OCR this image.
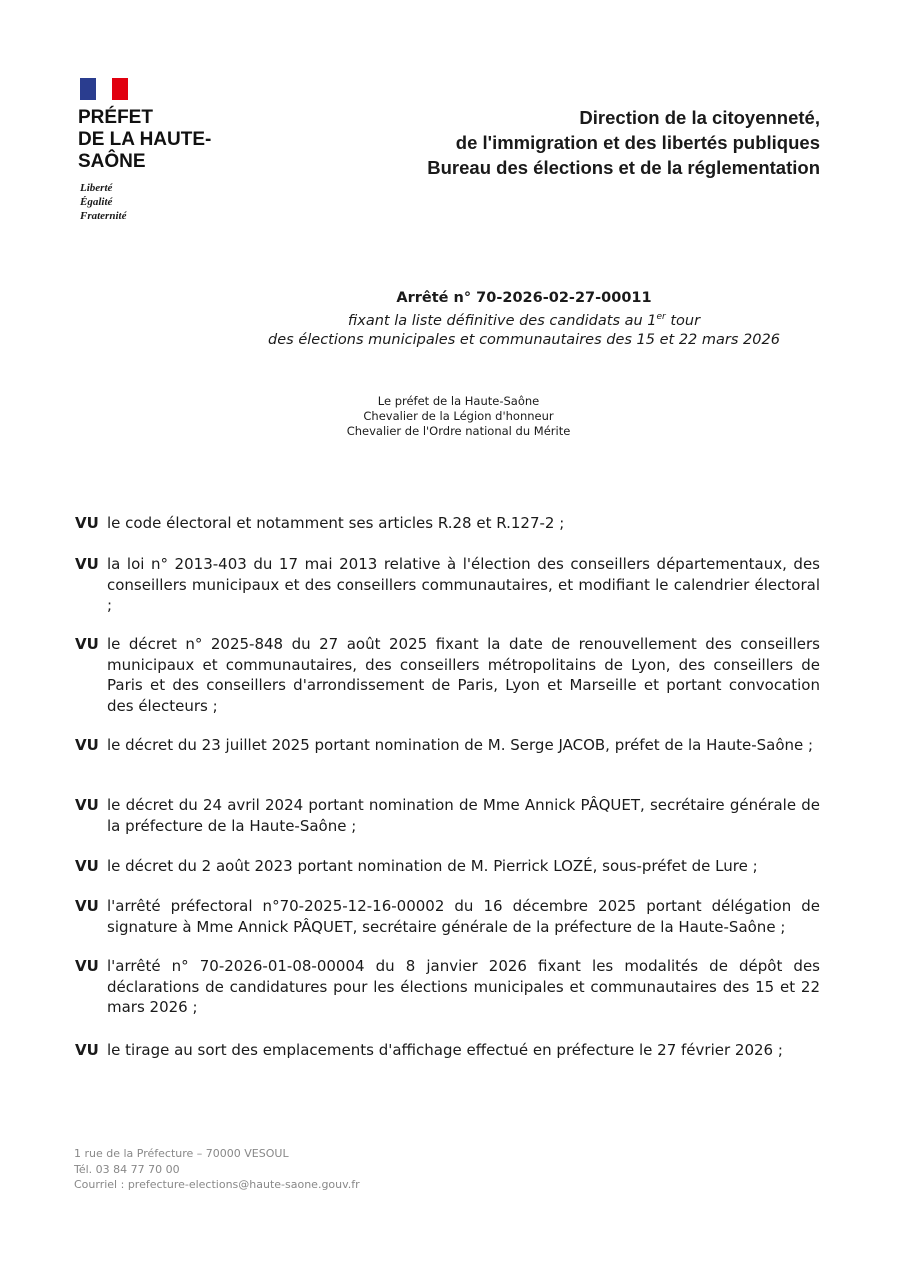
PRÉFET
DE LA HAUTE-
SAÔNE
Liberté
Égalité
Fraternité
Direction de la citoyenneté,
de l'immigration et des libertés publiques
Bureau des élections et de la réglementation
Arrêté n° 70-2026-02-27-00011
fixant la liste définitive des candidats au 1er tour
des élections municipales et communautaires des 15 et 22 mars 2026
Le préfet de la Haute-Saône
Chevalier de la Légion d'honneur
Chevalier de l'Ordre national du Mérite
VU le code électoral et notamment ses articles R.28 et R.127-2 ;
VU la loi n° 2013-403 du 17 mai 2013 relative à l'élection des conseillers départementaux, des conseillers municipaux et des conseillers communautaires, et modifiant le calendrier électoral ;
VU le décret n° 2025-848 du 27 août 2025 fixant la date de renouvellement des conseillers municipaux et communautaires, des conseillers métropolitains de Lyon, des conseillers de Paris et des conseillers d'arrondissement de Paris, Lyon et Marseille et portant convocation des électeurs ;
VU le décret du 23 juillet 2025 portant nomination de M. Serge JACOB, préfet de la Haute-Saône ;
VU le décret du 24 avril 2024 portant nomination de Mme Annick PÂQUET, secrétaire générale de la préfecture de la Haute-Saône ;
VU le décret du 2 août 2023 portant nomination de M. Pierrick LOZÉ, sous-préfet de Lure ;
VU l'arrêté préfectoral n°70-2025-12-16-00002 du 16 décembre 2025 portant délégation de signature à Mme Annick PÂQUET, secrétaire générale de la préfecture de la Haute-Saône ;
VU l'arrêté n° 70-2026-01-08-00004 du 8 janvier 2026 fixant les modalités de dépôt des déclarations de candidatures pour les élections municipales et communautaires des 15 et 22 mars 2026 ;
VU le tirage au sort des emplacements d'affichage effectué en préfecture le 27 février 2026 ;
1 rue de la Préfecture – 70000 VESOUL
Tél. 03 84 77 70 00
Courriel : prefecture-elections@haute-saone.gouv.fr
